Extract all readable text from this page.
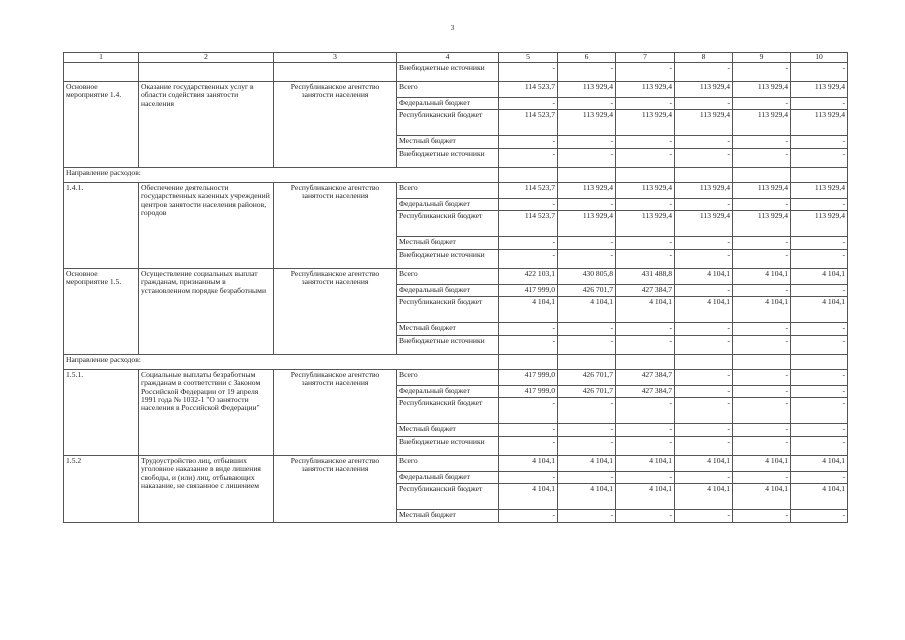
3
1	2	3	4	5	6	7	8	9	10
			Внебюджетные источники	-	-	-	-	-	-
Основное мероприятие 1.4.	Оказание государственных услуг в области содействия занятости населения	Республиканское агентство занятости населения	Всего	114 523,7	113 929,4	113 929,4	113 929,4	113 929,4	113 929,4
			Федеральный бюджет	-	-	-	-	-	-
			Республиканский бюджет	114 523,7	113 929,4	113 929,4	113 929,4	113 929,4	113 929,4
			Местный бюджет	-	-	-	-	-	-
			Внебюджетные источники	-	-	-	-	-	-
Направление расходов:									
1.4.1.	Обеспечение деятельности государственных казенных учреждений центров занятости населения районов, городов	Республиканское агентство занятости населения	Всего	114 523,7	113 929,4	113 929,4	113 929,4	113 929,4	113 929,4
			Федеральный бюджет	-	-	-	-	-	-
			Республиканский бюджет	114 523,7	113 929,4	113 929,4	113 929,4	113 929,4	113 929,4
			Местный бюджет	-	-	-	-	-	-
			Внебюджетные источники	-	-	-	-	-	-
Основное мероприятие 1.5.	Осуществление социальных выплат гражданам, признанным в установленном порядке безработными	Республиканское агентство занятости населения	Всего	422 103,1	430 805,8	431 488,8	4 104,1	4 104,1	4 104,1
			Федеральный бюджет	417 999,0	426 701,7	427 384,7	-	-	-
			Республиканский бюджет	4 104,1	4 104,1	4 104,1	4 104,1	4 104,1	4 104,1
			Местный бюджет	-	-	-	-	-	-
			Внебюджетные источники	-	-	-	-	-	-
Направление расходов:									
1.5.1.	Социальные выплаты безработным гражданам в соответствии с Законом Российской Федерации от 19 апреля 1991 года № 1032-1 "О занятости населения в Российской Федерации"	Республиканское агентство занятости населения	Всего	417 999,0	426 701,7	427 384,7	-	-	-
			Федеральный бюджет	417 999,0	426 701,7	427 384,7	-	-	-
			Республиканский бюджет	-	-	-	-	-	-
			Местный бюджет	-	-	-	-	-	-
			Внебюджетные источники	-	-	-	-	-	-
1.5.2	Трудоустройство лиц, отбывших уголовное наказание в виде лишения свободы, и (или) лиц, отбывающих наказание, не связанное с лишением	Республиканское агентство занятости населения	Всего	4 104,1	4 104,1	4 104,1	4 104,1	4 104,1	4 104,1
			Федеральный бюджет	-	-	-	-	-	-
			Республиканский бюджет	4 104,1	4 104,1	4 104,1	4 104,1	4 104,1	4 104,1
			Местный бюджет	-	-	-	-	-	-
